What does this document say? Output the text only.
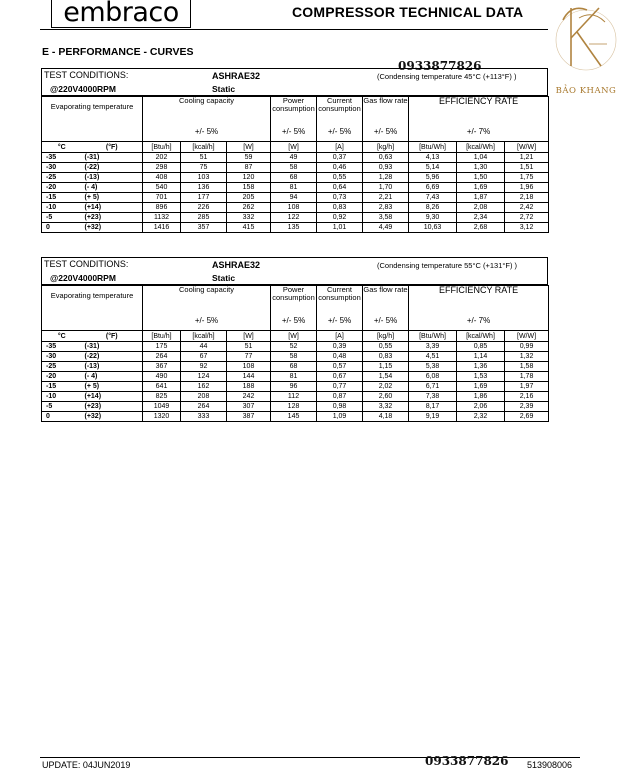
embraco	COMPRESSOR TECHNICAL DATA
BẢO KHANG
E - PERFORMANCE - CURVES
0933877826
TEST CONDITIONS:
@220V4000RPM
ASHRAE32
Static
(Condensing temperature 45°C (+113°F) )
Evaporating temperature		Cooling capacity			Power consumption	Current consumption	Gas flow rate	EFFICIENCY RATE		
		+/- 5%			+/- 5%	+/- 5%	+/- 5%	+/- 7%		
°C	(°F)	[Btu/h]	[kcal/h]	[W]	[W]	[A]	[kg/h]	[Btu/Wh]	[kcal/Wh]	[W/W]
-35	(-31)	202	51	59	49	0,37	0,63	4,13	1,04	1,21
-30	(-22)	298	75	87	58	0,46	0,93	5,14	1,30	1,51
-25	(-13)	408	103	120	68	0,55	1,28	5,96	1,50	1,75
-20	(- 4)	540	136	158	81	0,64	1,70	6,69	1,69	1,96
-15	(+ 5)	701	177	205	94	0,73	2,21	7,43	1,87	2,18
-10	(+14)	896	226	262	108	0,83	2,83	8,26	2,08	2,42
-5	(+23)	1132	285	332	122	0,92	3,58	9,30	2,34	2,72
0	(+32)	1416	357	415	135	1,01	4,49	10,63	2,68	3,12
TEST CONDITIONS:
@220V4000RPM
ASHRAE32
Static
(Condensing temperature 55°C (+131°F) )
Evaporating temperature		Cooling capacity			Power consumption	Current consumption	Gas flow rate	EFFICIENCY RATE		
		+/- 5%			+/- 5%	+/- 5%	+/- 5%	+/- 7%		
°C	(°F)	[Btu/h]	[kcal/h]	[W]	[W]	[A]	[kg/h]	[Btu/Wh]	[kcal/Wh]	[W/W]
-35	(-31)	175	44	51	52	0,39	0,55	3,39	0,85	0,99
-30	(-22)	264	67	77	58	0,48	0,83	4,51	1,14	1,32
-25	(-13)	367	92	108	68	0,57	1,15	5,38	1,36	1,58
-20	(- 4)	490	124	144	81	0,67	1,54	6,08	1,53	1,78
-15	(+ 5)	641	162	188	96	0,77	2,02	6,71	1,69	1,97
-10	(+14)	825	208	242	112	0,87	2,60	7,38	1,86	2,16
-5	(+23)	1049	264	307	128	0,98	3,32	8,17	2,06	2,39
0	(+32)	1320	333	387	145	1,09	4,18	9,19	2,32	2,69
UPDATE: 04JUN2019	0933877826 513908006
